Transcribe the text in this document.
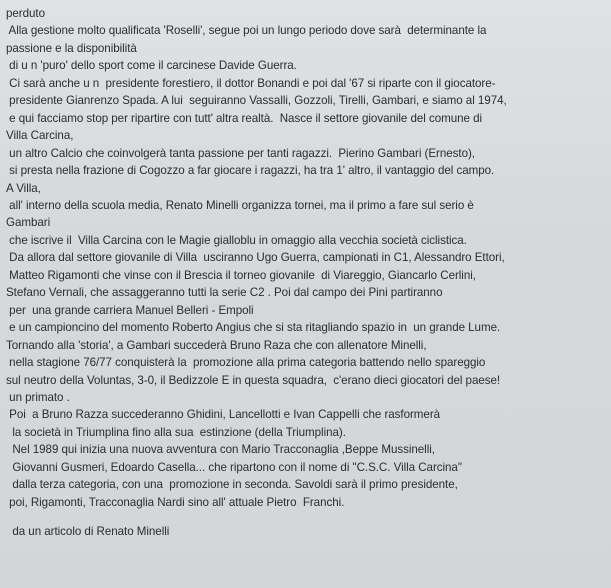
perduto
Alla gestione molto qualificata 'Roselli', segue poi un lungo periodo dove sarà  determinante la
passione e la disponibilità
di u n 'puro' dello sport come il carcinese Davide Guerra.
Ci sarà anche u n  presidente forestiero, il dottor Bonandi e poi dal '67 si riparte con il giocatore-
presidente Gianrenzo Spada. A lui  seguiranno Vassalli, Gozzoli, Tirelli, Gambari, e siamo al 1974,
e qui facciamo stop per ripartire con tutt' altra realtà.  Nasce il settore giovanile del comune di
Villa Carcina,
un altro Calcio che coinvolgerà tanta passione per tanti ragazzi.  Pierino Gambari (Ernesto),
si presta nella frazione di Cogozzo a far giocare i ragazzi, ha tra 1' altro, il vantaggio del campo.
A Villa,
all' interno della scuola media, Renato Minelli organizza tornei, ma il primo a fare sul serio è
Gambari
che iscrive il  Villa Carcina con le Magie gialloblu in omaggio alla vecchia società ciclistica.
Da allora dal settore giovanile di Villa  usciranno Ugo Guerra, campionati in C1, Alessandro Ettori,
Matteo Rigamonti che vinse con il Brescia il torneo giovanile  di Viareggio, Giancarlo Cerlini,
Stefano Vernali, che assaggeranno tutti la serie C2 . Poi dal campo dei Pini partiranno
per  una grande carriera Manuel Belleri - Empoli
e un campioncino del momento Roberto Angius che si sta ritagliando spazio in  un grande Lume.
Tornando alla 'storia', a Gambari succederà Bruno Raza che con allenatore Minelli,
nella stagione 76/77 conquisterà la  promozione alla prima categoria battendo nello spareggio
sul neutro della Voluntas, 3-0, il Bedizzole E in questa squadra,  c'erano dieci giocatori del paese!
un primato .
Poi  a Bruno Razza succederanno Ghidini, Lancellotti e Ivan Cappelli che rasformerà
la società in Triumplina fino alla sua  estinzione (della Triumplina).
Nel 1989 qui inizia una nuova avventura con Mario Tracconaglia ,Beppe Mussinelli,
Giovanni Gusmeri, Edoardo Casella... che ripartono con il nome di "C.S.C. Villa Carcina"
dalla terza categoria, con una  promozione in seconda. Savoldi sarà il primo presidente,
poi, Rigamonti, Tracconaglia Nardi sino all' attuale Pietro  Franchi.
da un articolo di Renato Minelli
